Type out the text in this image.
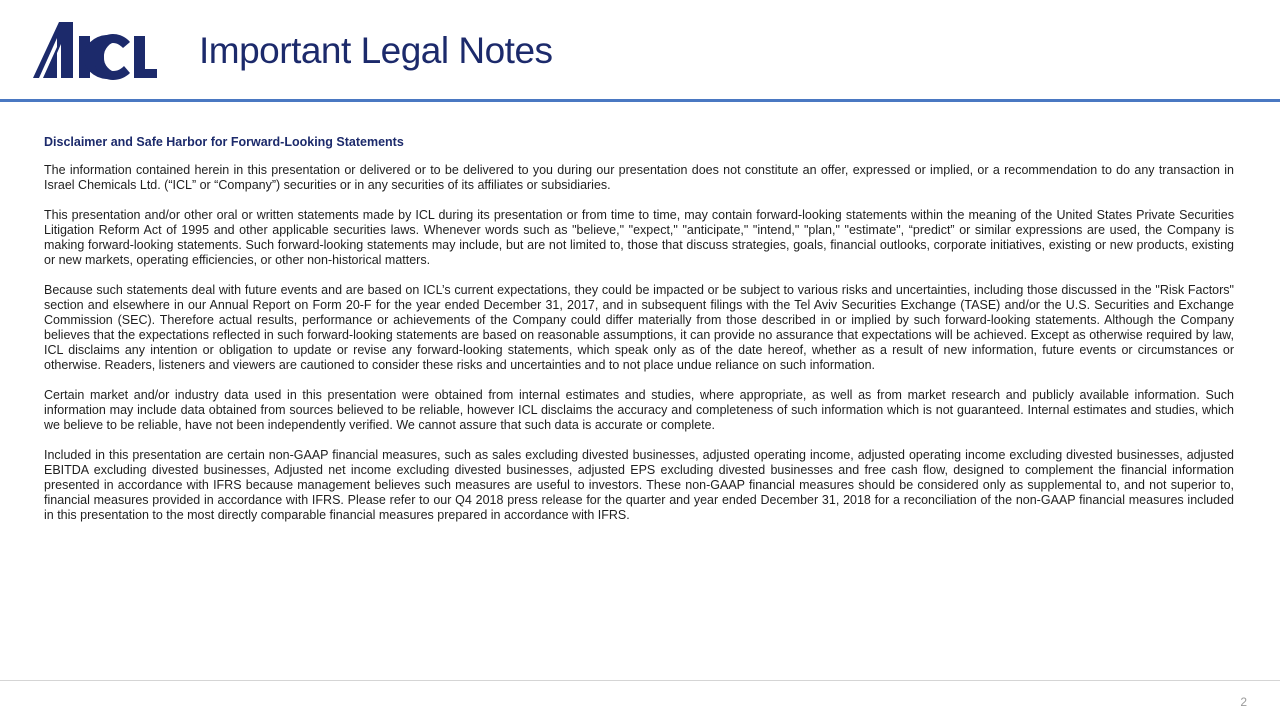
Important Legal Notes

Disclaimer and Safe Harbor for Forward-Looking Statements

The information contained herein in this presentation or delivered or to be delivered to you during our presentation does not constitute an offer, expressed or implied, or a recommendation to do any transaction in Israel Chemicals Ltd. (“ICL” or “Company”) securities or in any securities of its affiliates or subsidiaries.

This presentation and/or other oral or written statements made by ICL during its presentation or from time to time, may contain forward-looking statements within the meaning of the United States Private Securities Litigation Reform Act of 1995 and other applicable securities laws. Whenever words such as "believe," "expect," "anticipate," "intend," "plan," "estimate", “predict” or similar expressions are used, the Company is making forward-looking statements. Such forward-looking statements may include, but are not limited to, those that discuss strategies, goals, financial outlooks, corporate initiatives, existing or new products, existing or new markets, operating efficiencies, or other non-historical matters.

Because such statements deal with future events and are based on ICL’s current expectations, they could be impacted or be subject to various risks and uncertainties, including those discussed in the "Risk Factors" section and elsewhere in our Annual Report on Form 20-F for the year ended December 31, 2017, and in subsequent filings with the Tel Aviv Securities Exchange (TASE) and/or the U.S. Securities and Exchange Commission (SEC). Therefore actual results, performance or achievements of the Company could differ materially from those described in or implied by such forward-looking statements. Although the Company believes that the expectations reflected in such forward-looking statements are based on reasonable assumptions, it can provide no assurance that expectations will be achieved. Except as otherwise required by law, ICL disclaims any intention or obligation to update or revise any forward-looking statements, which speak only as of the date hereof, whether as a result of new information, future events or circumstances or otherwise. Readers, listeners and viewers are cautioned to consider these risks and uncertainties and to not place undue reliance on such information.

Certain market and/or industry data used in this presentation were obtained from internal estimates and studies, where appropriate, as well as from market research and publicly available information. Such information may include data obtained from sources believed to be reliable, however ICL disclaims the accuracy and completeness of such information which is not guaranteed. Internal estimates and studies, which we believe to be reliable, have not been independently verified. We cannot assure that such data is accurate or complete.

Included in this presentation are certain non-GAAP financial measures, such as sales excluding divested businesses, adjusted operating income, adjusted operating income excluding divested businesses, adjusted EBITDA excluding divested businesses, Adjusted net income excluding divested businesses, adjusted EPS excluding divested businesses and free cash flow, designed to complement the financial information presented in accordance with IFRS because management believes such measures are useful to investors. These non-GAAP financial measures should be considered only as supplemental to, and not superior to, financial measures provided in accordance with IFRS. Please refer to our Q4 2018 press release for the quarter and year ended December 31, 2018 for a reconciliation of the non-GAAP financial measures included in this presentation to the most directly comparable financial measures prepared in accordance with IFRS.

2
